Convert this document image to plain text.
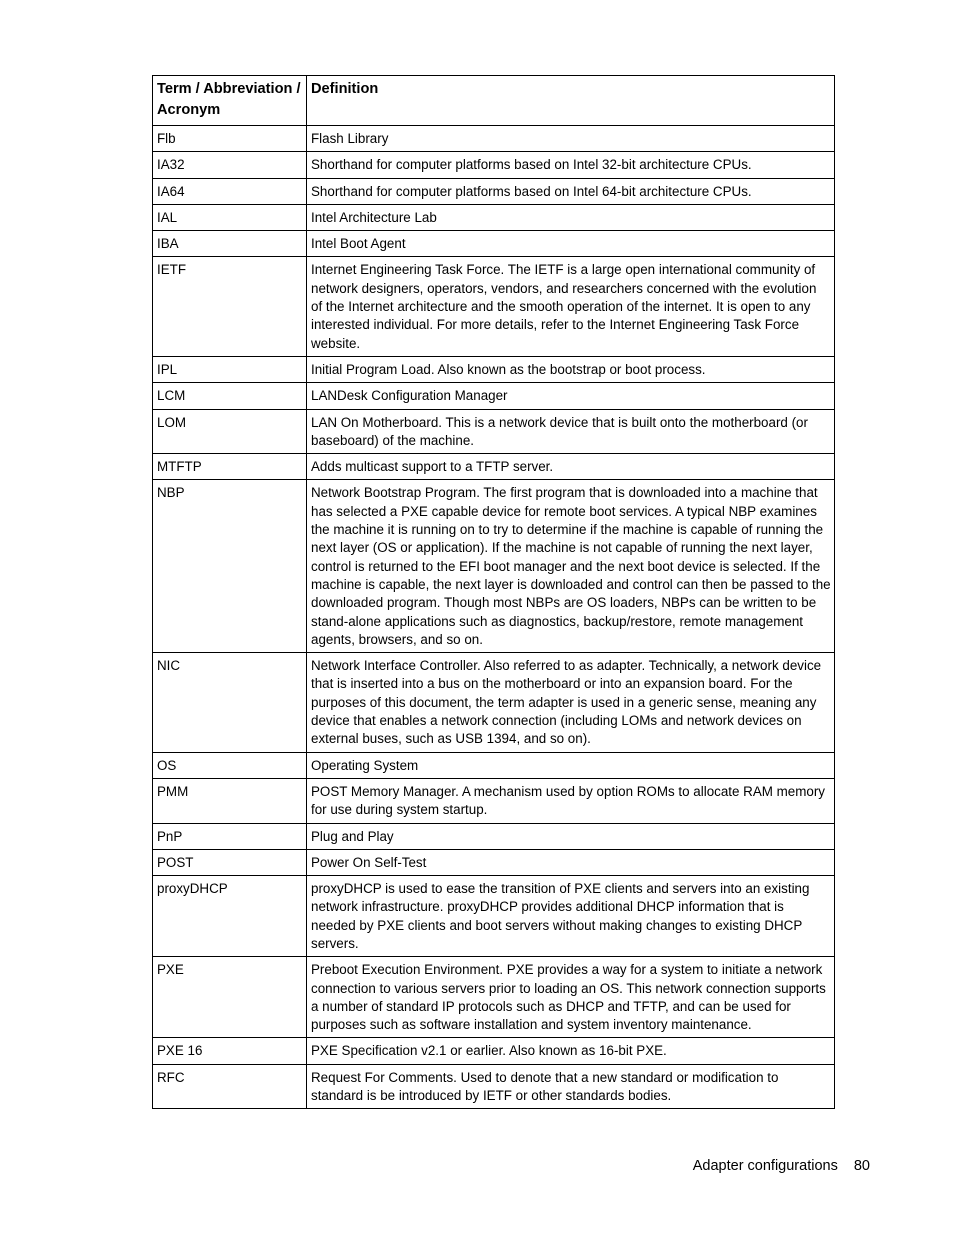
Term / Abbreviation / Acronym	Definition
Flb	Flash Library
IA32	Shorthand for computer platforms based on Intel 32-bit architecture CPUs.
IA64	Shorthand for computer platforms based on Intel 64-bit architecture CPUs.
IAL	Intel Architecture Lab
IBA	Intel Boot Agent
IETF	Internet Engineering Task Force. The IETF is a large open international community of network designers, operators, vendors, and researchers concerned with the evolution of the Internet architecture and the smooth operation of the internet. It is open to any interested individual. For more details, refer to the Internet Engineering Task Force website.
IPL	Initial Program Load. Also known as the bootstrap or boot process.
LCM	LANDesk Configuration Manager
LOM	LAN On Motherboard. This is a network device that is built onto the motherboard (or baseboard) of the machine.
MTFTP	Adds multicast support to a TFTP server.
NBP	Network Bootstrap Program. The first program that is downloaded into a machine that has selected a PXE capable device for remote boot services. A typical NBP examines the machine it is running on to try to determine if the machine is capable of running the next layer (OS or application). If the machine is not capable of running the next layer, control is returned to the EFI boot manager and the next boot device is selected. If the machine is capable, the next layer is downloaded and control can then be passed to the downloaded program. Though most NBPs are OS loaders, NBPs can be written to be stand-alone applications such as diagnostics, backup/restore, remote management agents, browsers, and so on.
NIC	Network Interface Controller. Also referred to as adapter. Technically, a network device that is inserted into a bus on the motherboard or into an expansion board. For the purposes of this document, the term adapter is used in a generic sense, meaning any device that enables a network connection (including LOMs and network devices on external buses, such as USB 1394, and so on).
OS	Operating System
PMM	POST Memory Manager. A mechanism used by option ROMs to allocate RAM memory for use during system startup.
PnP	Plug and Play
POST	Power On Self-Test
proxyDHCP	proxyDHCP is used to ease the transition of PXE clients and servers into an existing network infrastructure. proxyDHCP provides additional DHCP information that is needed by PXE clients and boot servers without making changes to existing DHCP servers.
PXE	Preboot Execution Environment. PXE provides a way for a system to initiate a network connection to various servers prior to loading an OS. This network connection supports a number of standard IP protocols such as DHCP and TFTP, and can be used for purposes such as software installation and system inventory maintenance.
PXE 16	PXE Specification v2.1 or earlier. Also known as 16-bit PXE.
RFC	Request For Comments. Used to denote that a new standard or modification to standard is be introduced by IETF or other standards bodies.
Adapter configurations 80
